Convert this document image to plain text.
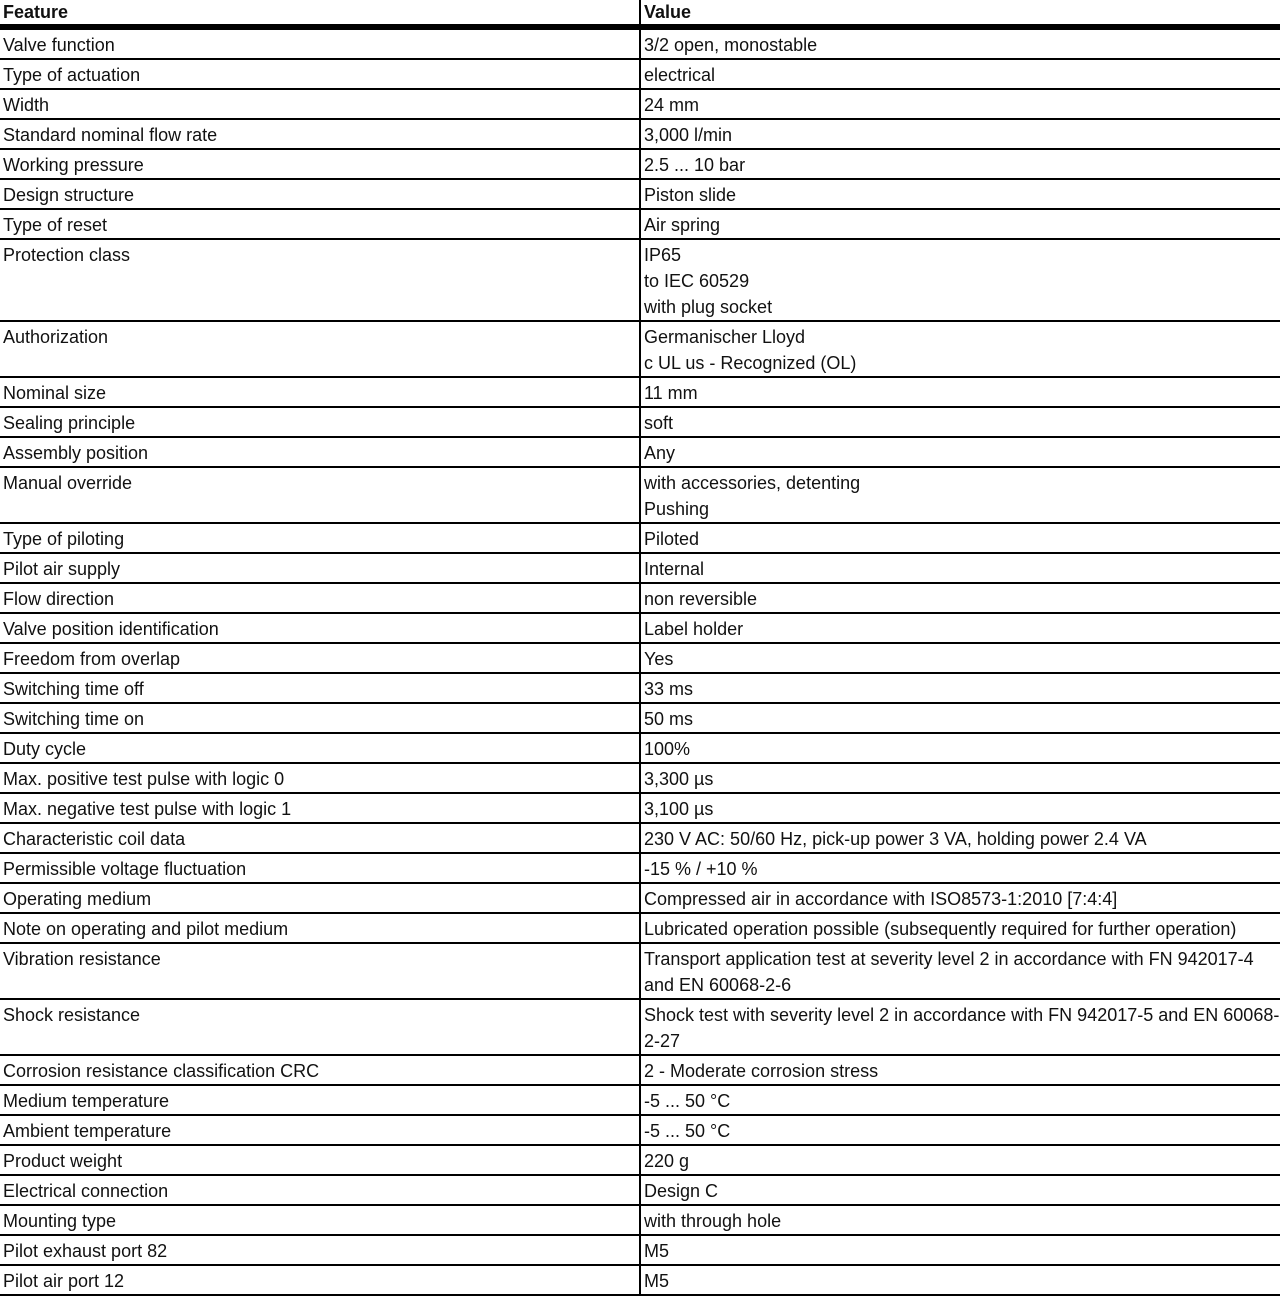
Feature	Value
Valve function	3/2 open, monostable

Type of actuation	electrical

Width	24 mm

Standard nominal flow rate	3,000 l/min

Working pressure	2.5 ... 10 bar

Design structure	Piston slide

Type of reset	Air spring

Protection class	IP65
to IEC 60529
with plug socket

Authorization	Germanischer Lloyd
c UL us - Recognized (OL)

Nominal size	11 mm

Sealing principle	soft

Assembly position	Any

Manual override	with accessories, detenting
Pushing

Type of piloting	Piloted

Pilot air supply	Internal

Flow direction	non reversible

Valve position identification	Label holder

Freedom from overlap	Yes

Switching time off	33 ms

Switching time on	50 ms

Duty cycle	100%

Max. positive test pulse with logic 0	3,300 µs

Max. negative test pulse with logic 1	3,100 µs

Characteristic coil data	230 V AC: 50/60 Hz, pick-up power 3 VA, holding power 2.4 VA

Permissible voltage fluctuation	-15 % / +10 %

Operating medium	Compressed air in accordance with ISO8573-1:2010 [7:4:4]

Note on operating and pilot medium	Lubricated operation possible (subsequently required for further operation)

Vibration resistance	Transport application test at severity level 2 in accordance with FN 942017-4 and EN 60068-2-6

Shock resistance	Shock test with severity level 2 in accordance with FN 942017-5 and EN 60068-2-27

Corrosion resistance classification CRC	2 - Moderate corrosion stress

Medium temperature	-5 ... 50 °C

Ambient temperature	-5 ... 50 °C

Product weight	220 g

Electrical connection	Design C

Mounting type	with through hole

Pilot exhaust port 82	M5

Pilot air port 12	M5
